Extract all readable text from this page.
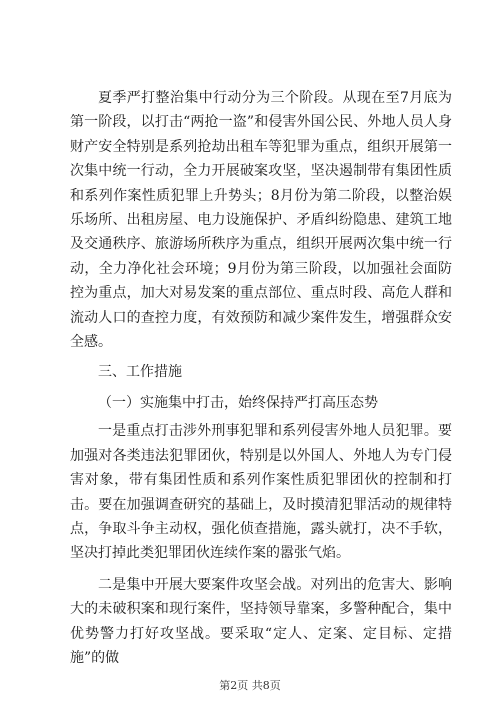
夏季严打整治集中行动分为三个阶段。从现在至7月底为第一阶段，以打击“两抢一盗”和侵害外国公民、外地人员人身财产安全特别是系列抢劫出租车等犯罪为重点，组织开展第一次集中统一行动，全力开展破案攻坚，坚决遏制带有集团性质和系列作案性质犯罪上升势头；8月份为第二阶段，以整治娱乐场所、出租房屋、电力设施保护、矛盾纠纷隐患、建筑工地及交通秩序、旅游场所秩序为重点，组织开展两次集中统一行动，全力净化社会环境；9月份为第三阶段，以加强社会面防控为重点，加大对易发案的重点部位、重点时段、高危人群和流动人口的查控力度，有效预防和减少案件发生，增强群众安全感。

三、工作措施

（一）实施集中打击，始终保持严打高压态势

一是重点打击涉外刑事犯罪和系列侵害外地人员犯罪。要加强对各类违法犯罪团伙，特别是以外国人、外地人为专门侵害对象，带有集团性质和系列作案性质犯罪团伙的控制和打击。要在加强调查研究的基础上，及时摸清犯罪活动的规律特点，争取斗争主动权，强化侦查措施，露头就打，决不手软，坚决打掉此类犯罪团伙连续作案的嚣张气焰。

二是集中开展大要案件攻坚会战。对列出的危害大、影响大的未破积案和现行案件，坚持领导靠案，多警种配合，集中优势警力打好攻坚战。要采取“定人、定案、定目标、定措施”的做

第2页 共8页
